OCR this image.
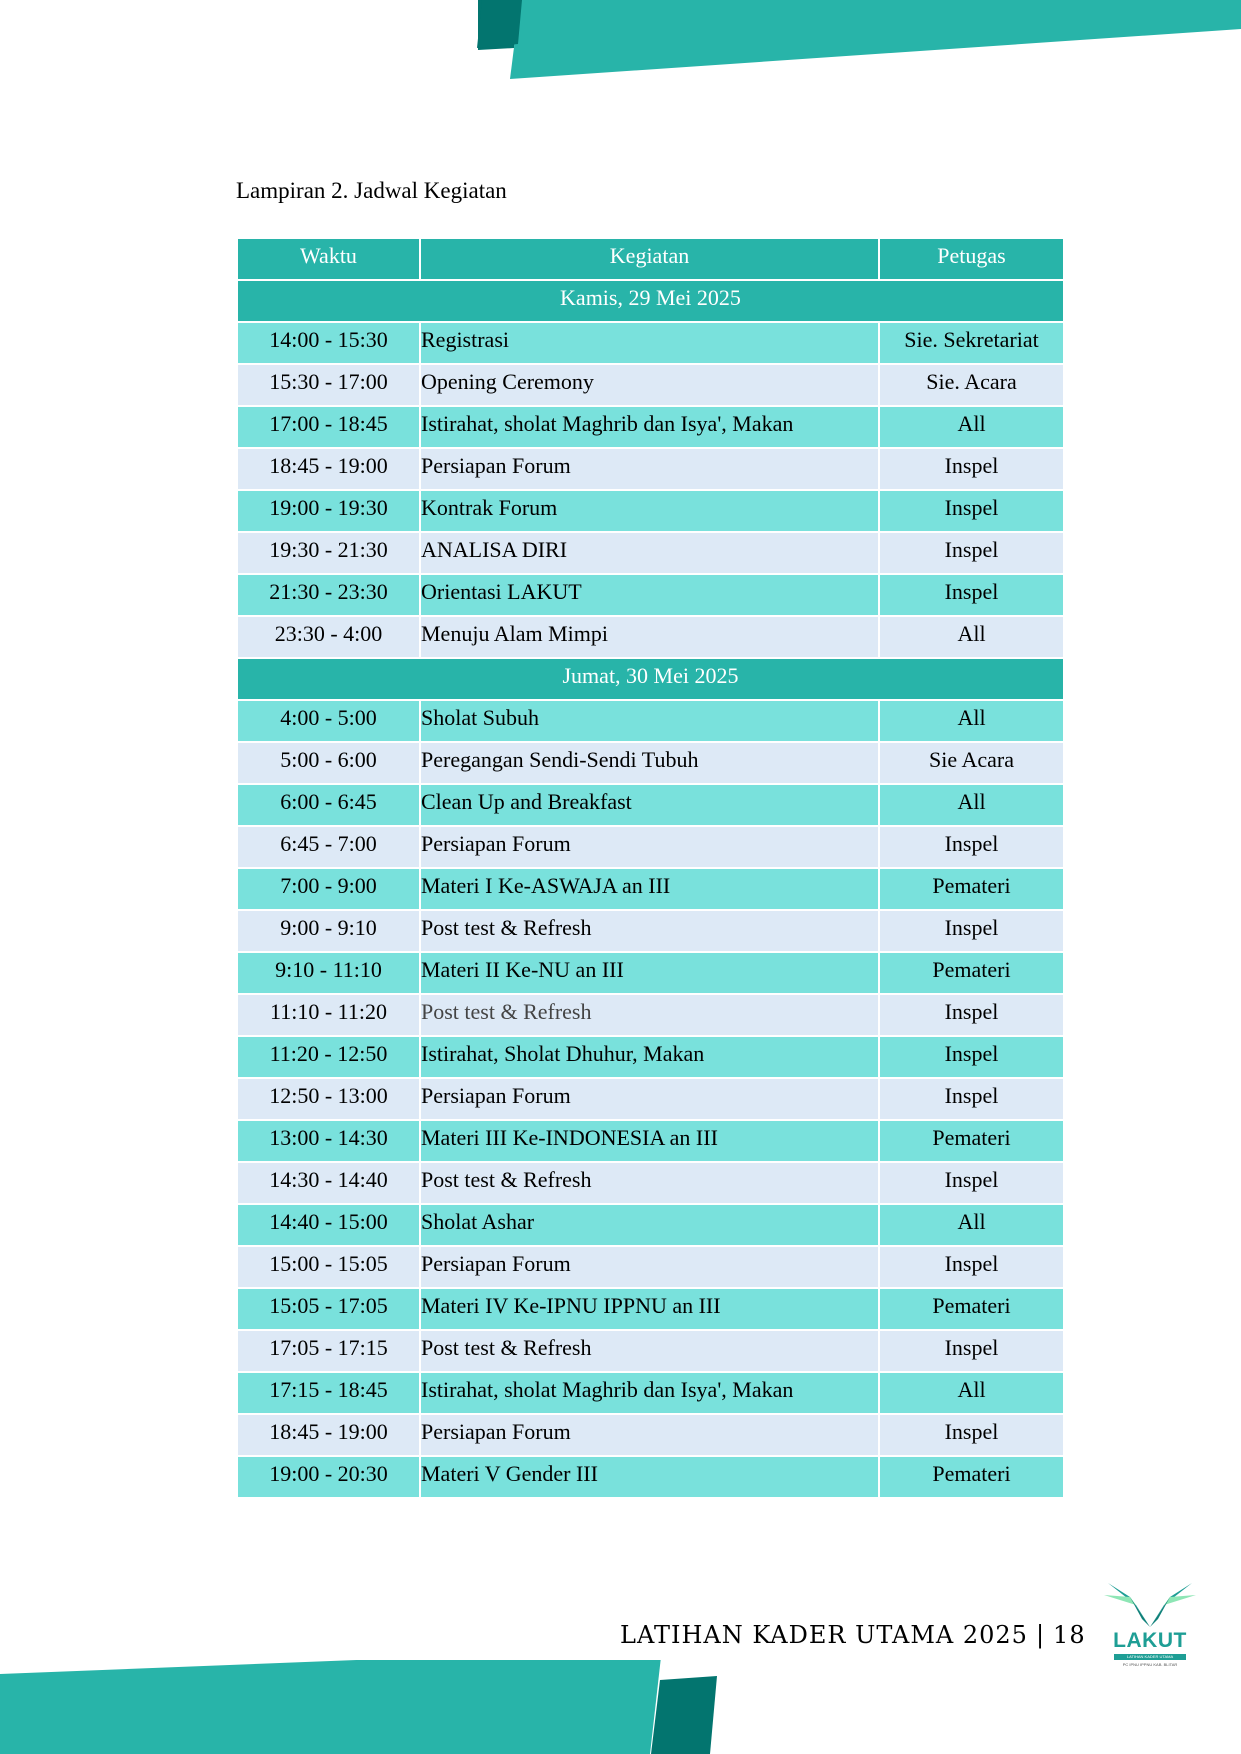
Lampiran 2. Jadwal Kegiatan
Waktu	Kegiatan	Petugas
Kamis, 29 Mei 2025		
14:00 - 15:30	Registrasi	Sie. Sekretariat
15:30 - 17:00	Opening Ceremony	Sie. Acara
17:00 - 18:45	Istirahat, sholat Maghrib dan Isya', Makan	All
18:45 - 19:00	Persiapan Forum	Inspel
19:00 - 19:30	Kontrak Forum	Inspel
19:30 - 21:30	ANALISA DIRI	Inspel
21:30 - 23:30	Orientasi LAKUT	Inspel
23:30 - 4:00	Menuju Alam Mimpi	All
Jumat, 30 Mei 2025		
4:00 - 5:00	Sholat Subuh	All
5:00 - 6:00	Peregangan Sendi-Sendi Tubuh	Sie Acara
6:00 - 6:45	Clean Up and Breakfast	All
6:45 - 7:00	Persiapan Forum	Inspel
7:00 - 9:00	Materi I Ke-ASWAJA an III	Pemateri
9:00 - 9:10	Post test & Refresh	Inspel
9:10 - 11:10	Materi II Ke-NU an III	Pemateri
11:10 - 11:20	Post test & Refresh	Inspel
11:20 - 12:50	Istirahat, Sholat Dhuhur, Makan	Inspel
12:50 - 13:00	Persiapan Forum	Inspel
13:00 - 14:30	Materi III Ke-INDONESIA an III	Pemateri
14:30 - 14:40	Post test & Refresh	Inspel
14:40 - 15:00	Sholat Ashar	All
15:00 - 15:05	Persiapan Forum	Inspel
15:05 - 17:05	Materi IV Ke-IPNU IPPNU an III	Pemateri
17:05 - 17:15	Post test & Refresh	Inspel
17:15 - 18:45	Istirahat, sholat Maghrib dan Isya', Makan	All
18:45 - 19:00	Persiapan Forum	Inspel
19:00 - 20:30	Materi V Gender III	Pemateri
LATIHAN KADER UTAMA 2025 | 18	LAKUT
LATIHAN KADER UTAMA
PC IPNU IPPNU KAB. BLITAR
